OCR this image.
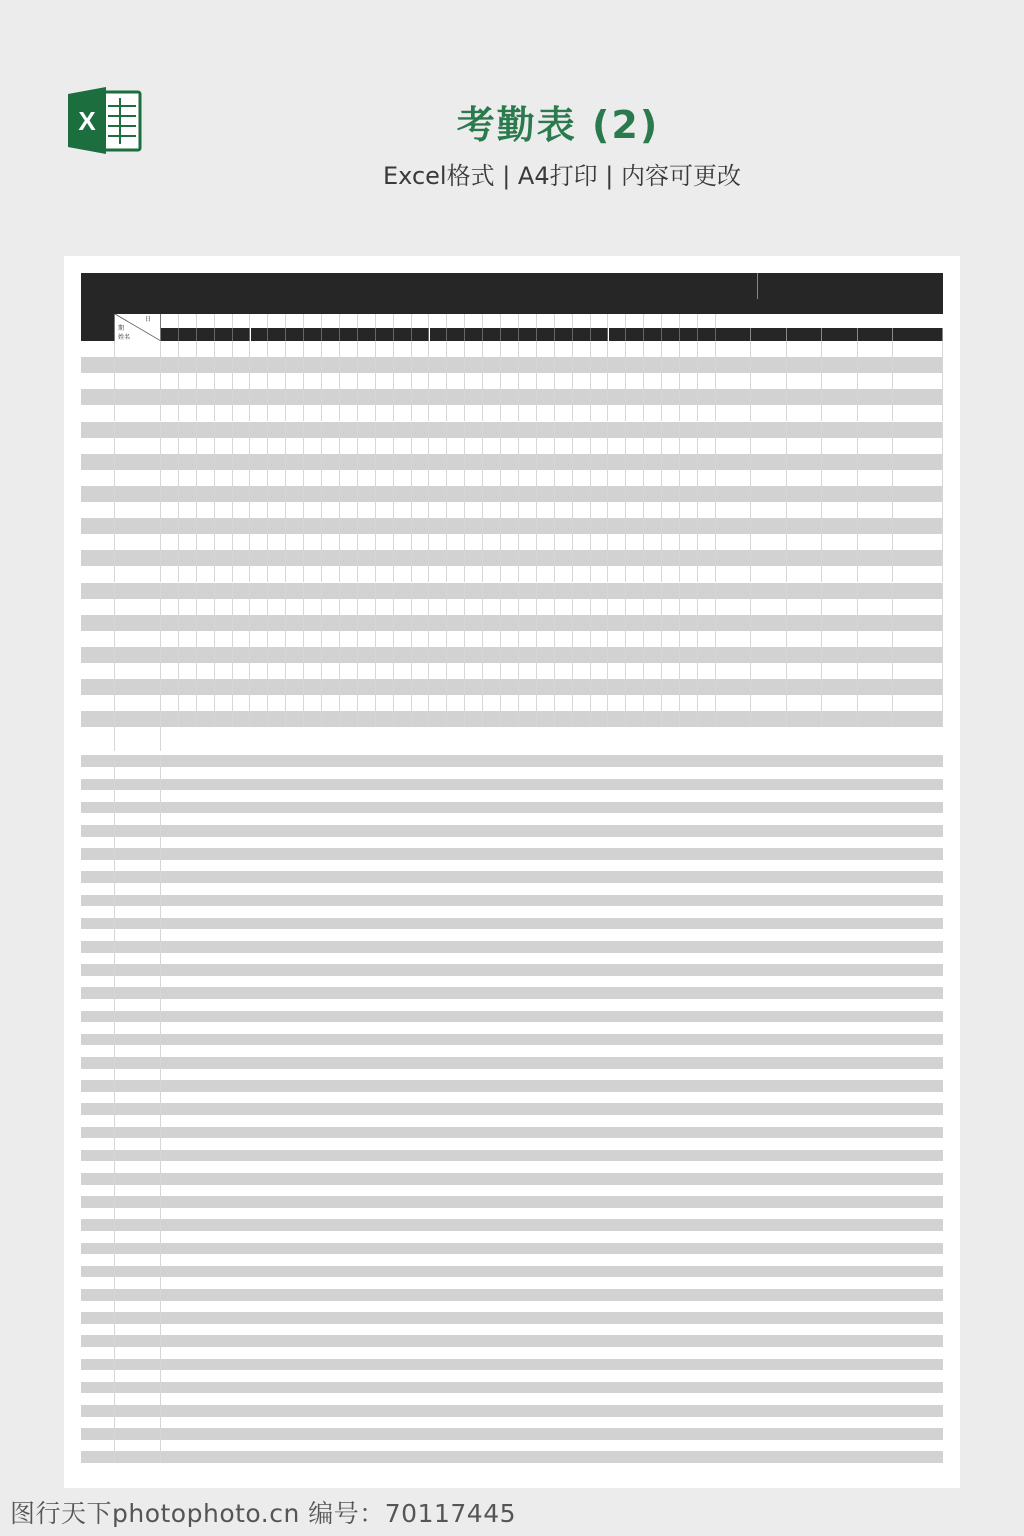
X	考勤表 (2)
Excel格式 | A4打印 | 内容可更改
日
期
姓名
图行天下photophoto.cn 编号：70117445
